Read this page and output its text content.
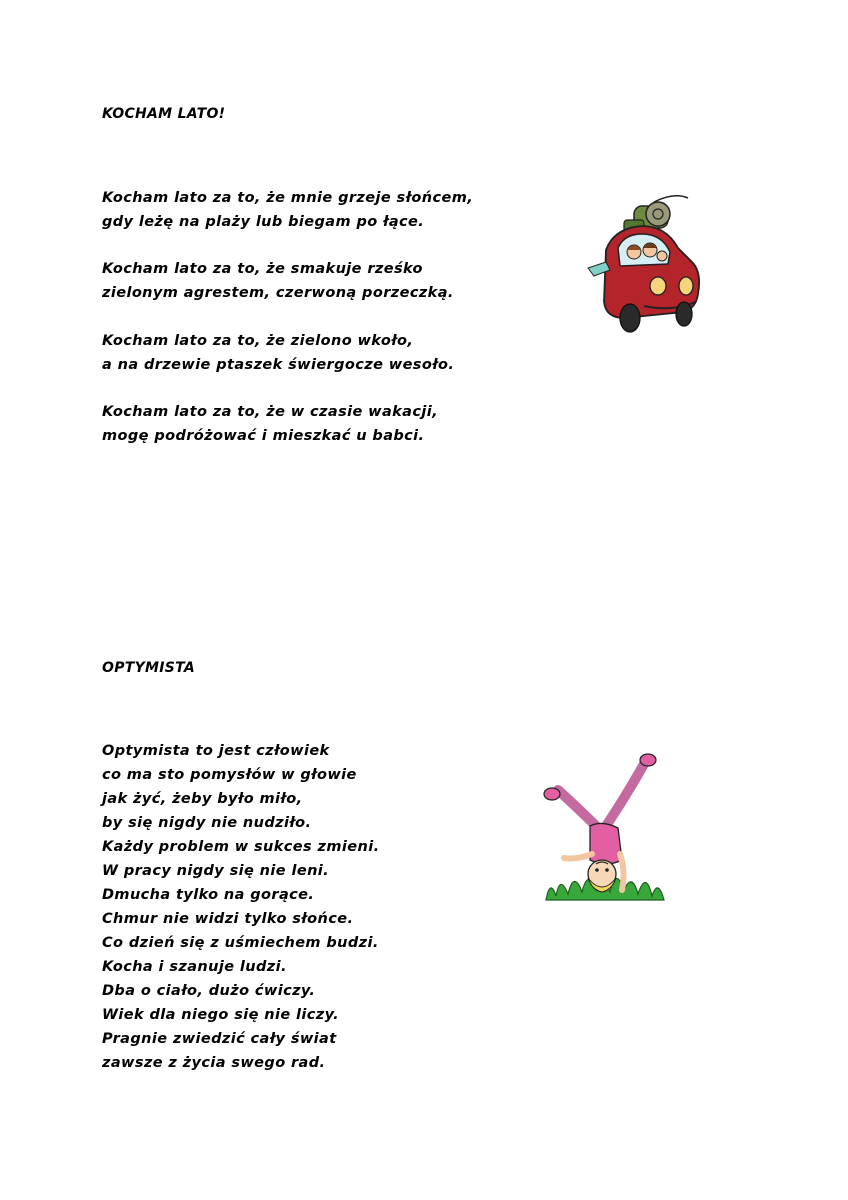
KOCHAM LATO!
Kocham lato za to, że mnie grzeje słońcem,
gdy leżę na plaży lub biegam po łące.
Kocham lato za to, że smakuje rześko
zielonym agrestem, czerwoną porzeczką.
Kocham lato za to, że zielono wkoło,
a na drzewie ptaszek świergocze wesoło.
Kocham lato za to, że w czasie wakacji,
mogę podróżować i mieszkać u babci.
OPTYMISTA
Optymista to jest człowiek
co ma sto pomysłów w głowie
jak żyć, żeby było miło,
by się nigdy nie nudziło.
Każdy problem w sukces zmieni.
W pracy nigdy się nie leni.
Dmucha tylko na gorące.
Chmur nie widzi tylko słońce.
Co dzień się z uśmiechem budzi.
Kocha i szanuje ludzi.
Dba o ciało, dużo ćwiczy.
Wiek dla niego się nie liczy.
Pragnie zwiedzić cały świat
zawsze z życia swego rad.
